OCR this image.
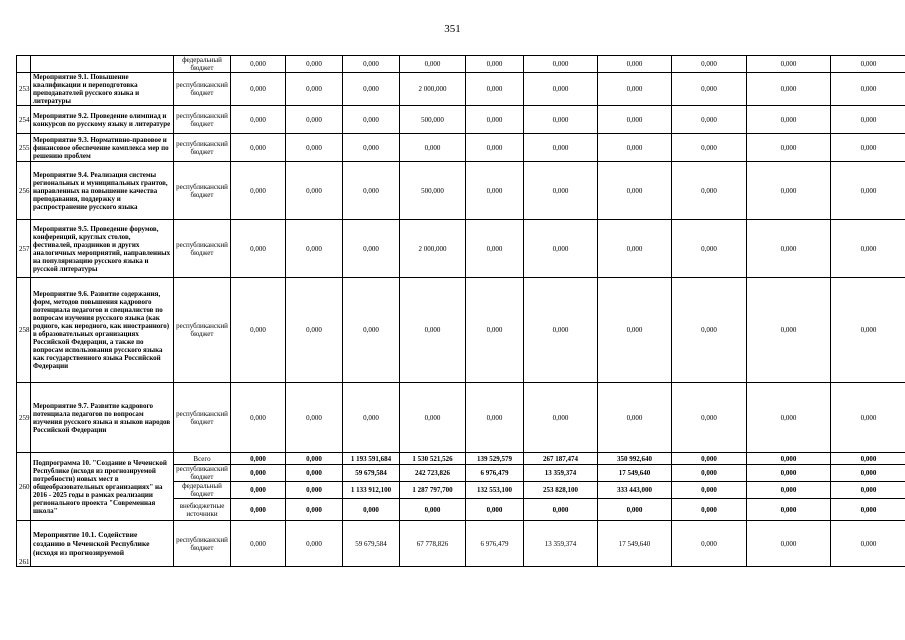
351
		федеральный бюджет	0,000	0,000	0,000	0,000	0,000	0,000	0,000	0,000	0,000	0,000
253	Мероприятие 9.1. Повышение квалификации и переподготовка преподавателей русского языка и литературы	республиканский бюджет	0,000	0,000	0,000	2 000,000	0,000	0,000	0,000	0,000	0,000	0,000
254	Мероприятие 9.2. Проведение олимпиад и конкурсов по русскому языку и литературе	республиканский бюджет	0,000	0,000	0,000	500,000	0,000	0,000	0,000	0,000	0,000	0,000
255	Мероприятие 9.3. Нормативно-правовое и финансовое обеспечение комплекса мер по решению проблем	республиканский бюджет	0,000	0,000	0,000	0,000	0,000	0,000	0,000	0,000	0,000	0,000
256	Мероприятие 9.4. Реализация системы региональных и муниципальных грантов, направленных на повышение качества преподавания, поддержку и распространение русского языка	республиканский бюджет	0,000	0,000	0,000	500,000	0,000	0,000	0,000	0,000	0,000	0,000
257	Мероприятие 9.5. Проведение форумов, конференций, круглых столов, фестивалей, праздников и других аналогичных мероприятий, направленных на популяризацию русского языка и русской литературы	республиканский бюджет	0,000	0,000	0,000	2 000,000	0,000	0,000	0,000	0,000	0,000	0,000
258	Мероприятие 9.6. Развитие содержания, форм, методов повышения кадрового потенциала педагогов и специалистов по вопросам изучения русского языка (как родного, как неродного, как иностранного) в образовательных организациях Российской Федерации, а также по вопросам использования русского языка как государственного языка Российской Федерации	республиканский бюджет	0,000	0,000	0,000	0,000	0,000	0,000	0,000	0,000	0,000	0,000
259	Мероприятие 9.7. Развитие кадрового потенциала педагогов по вопросам изучения русского языка и языков народов Российской Федерации	республиканский бюджет	0,000	0,000	0,000	0,000	0,000	0,000	0,000	0,000	0,000	0,000
260	Подпрограмма 10. "Создание в Чеченской Республике (исходя из прогнозируемой потребности) новых мест в общеобразовательных организациях" на 2016 - 2025 годы в рамках реализации регионального проекта "Современная школа"	Всего	0,000	0,000	1 193 591,684	1 530 521,526	139 529,579	267 187,474	350 992,640	0,000	0,000	0,000
		республиканский бюджет	0,000	0,000	59 679,584	242 723,826	6 976,479	13 359,374	17 549,640	0,000	0,000	0,000
		федеральный бюджет	0,000	0,000	1 133 912,100	1 287 797,700	132 553,100	253 828,100	333 443,000	0,000	0,000	0,000
		внебюджетные источники	0,000	0,000	0,000	0,000	0,000	0,000	0,000	0,000	0,000	0,000
261	Мероприятие 10.1. Содействие созданию в Чеченской Республике (исходя из прогнозируемой	республиканский бюджет	0,000	0,000	59 679,584	67 778,826	6 976,479	13 359,374	17 549,640	0,000	0,000	0,000
